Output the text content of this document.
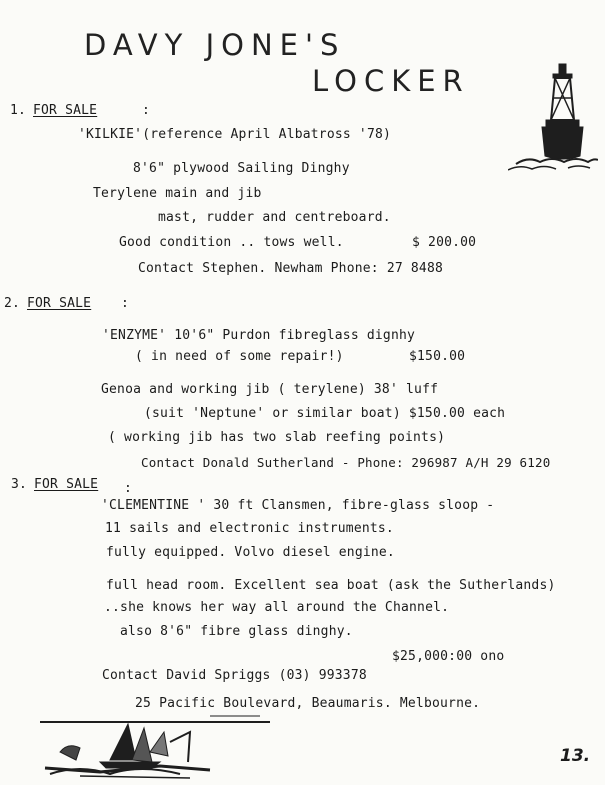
DAVY JONE'S
LOCKER
1. FOR SALE	:
'KILKIE'(reference April Albatross '78)
8'6" plywood Sailing Dinghy
Terylene main and jib
mast, rudder and centreboard.
Good condition .. tows well.	$ 200.00
Contact Stephen. Newham Phone: 27 8488
2. FOR SALE :
'ENZYME' 10'6" Purdon fibreglass dignhy
( in need of some repair!)	$150.00
Genoa and working jib ( terylene) 38' luff
(suit 'Neptune' or similar boat) $150.00 each
( working jib has two slab reefing points)
Contact Donald Sutherland - Phone: 296987 A/H 29 6120
3. FOR SALE :
'CLEMENTINE ' 30 ft Clansmen, fibre-glass sloop -
11 sails and electronic instruments.
fully equipped. Volvo diesel engine.
full head room. Excellent sea boat (ask the Sutherlands)
..she knows her way all around the Channel.
also 8'6" fibre glass dinghy.
$25,000:00 ono
Contact David Spriggs (03) 993378
25 Pacific Boulevard, Beaumaris. Melbourne.
13.
